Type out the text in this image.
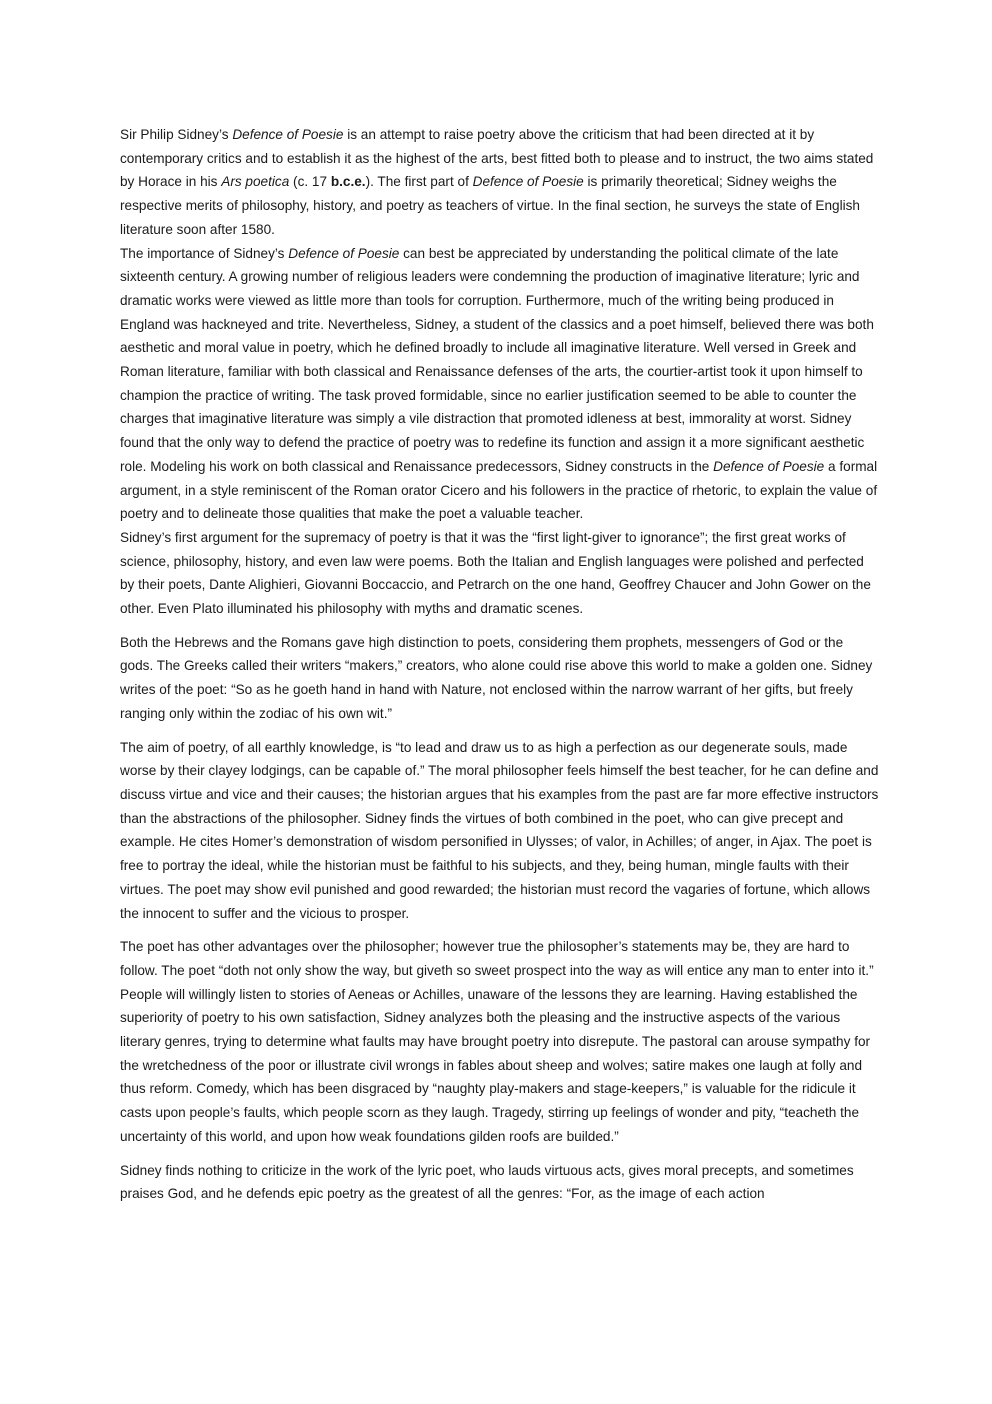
Sir Philip Sidney’s Defence of Poesie is an attempt to raise poetry above the criticism that had been directed at it by contemporary critics and to establish it as the highest of the arts, best fitted both to please and to instruct, the two aims stated by Horace in his Ars poetica (c. 17 b.c.e.). The first part of Defence of Poesie is primarily theoretical; Sidney weighs the respective merits of philosophy, history, and poetry as teachers of virtue. In the final section, he surveys the state of English literature soon after 1580.

The importance of Sidney’s Defence of Poesie can best be appreciated by understanding the political climate of the late sixteenth century. A growing number of religious leaders were condemning the production of imaginative literature; lyric and dramatic works were viewed as little more than tools for corruption. Furthermore, much of the writing being produced in England was hackneyed and trite. Nevertheless, Sidney, a student of the classics and a poet himself, believed there was both aesthetic and moral value in poetry, which he defined broadly to include all imaginative literature. Well versed in Greek and Roman literature, familiar with both classical and Renaissance defenses of the arts, the courtier-artist took it upon himself to champion the practice of writing. The task proved formidable, since no earlier justification seemed to be able to counter the charges that imaginative literature was simply a vile distraction that promoted idleness at best, immorality at worst. Sidney found that the only way to defend the practice of poetry was to redefine its function and assign it a more significant aesthetic role. Modeling his work on both classical and Renaissance predecessors, Sidney constructs in the Defence of Poesie a formal argument, in a style reminiscent of the Roman orator Cicero and his followers in the practice of rhetoric, to explain the value of poetry and to delineate those qualities that make the poet a valuable teacher.

Sidney’s first argument for the supremacy of poetry is that it was the “first light-giver to ignorance”; the first great works of science, philosophy, history, and even law were poems. Both the Italian and English languages were polished and perfected by their poets, Dante Alighieri, Giovanni Boccaccio, and Petrarch on the one hand, Geoffrey Chaucer and John Gower on the other. Even Plato illuminated his philosophy with myths and dramatic scenes.

Both the Hebrews and the Romans gave high distinction to poets, considering them prophets, messengers of God or the gods. The Greeks called their writers “makers,” creators, who alone could rise above this world to make a golden one. Sidney writes of the poet: “So as he goeth hand in hand with Nature, not enclosed within the narrow warrant of her gifts, but freely ranging only within the zodiac of his own wit.”

The aim of poetry, of all earthly knowledge, is “to lead and draw us to as high a perfection as our degenerate souls, made worse by their clayey lodgings, can be capable of.” The moral philosopher feels himself the best teacher, for he can define and discuss virtue and vice and their causes; the historian argues that his examples from the past are far more effective instructors than the abstractions of the philosopher. Sidney finds the virtues of both combined in the poet, who can give precept and example. He cites Homer’s demonstration of wisdom personified in Ulysses; of valor, in Achilles; of anger, in Ajax. The poet is free to portray the ideal, while the historian must be faithful to his subjects, and they, being human, mingle faults with their virtues. The poet may show evil punished and good rewarded; the historian must record the vagaries of fortune, which allows the innocent to suffer and the vicious to prosper.

The poet has other advantages over the philosopher; however true the philosopher’s statements may be, they are hard to follow. The poet “doth not only show the way, but giveth so sweet prospect into the way as will entice any man to enter into it.” People will willingly listen to stories of Aeneas or Achilles, unaware of the lessons they are learning. Having established the superiority of poetry to his own satisfaction, Sidney analyzes both the pleasing and the instructive aspects of the various literary genres, trying to determine what faults may have brought poetry into disrepute. The pastoral can arouse sympathy for the wretchedness of the poor or illustrate civil wrongs in fables about sheep and wolves; satire makes one laugh at folly and thus reform. Comedy, which has been disgraced by “naughty play-makers and stage-keepers,” is valuable for the ridicule it casts upon people’s faults, which people scorn as they laugh. Tragedy, stirring up feelings of wonder and pity, “teacheth the uncertainty of this world, and upon how weak foundations gilden roofs are builded.”

Sidney finds nothing to criticize in the work of the lyric poet, who lauds virtuous acts, gives moral precepts, and sometimes praises God, and he defends epic poetry as the greatest of all the genres: “For, as the image of each action
